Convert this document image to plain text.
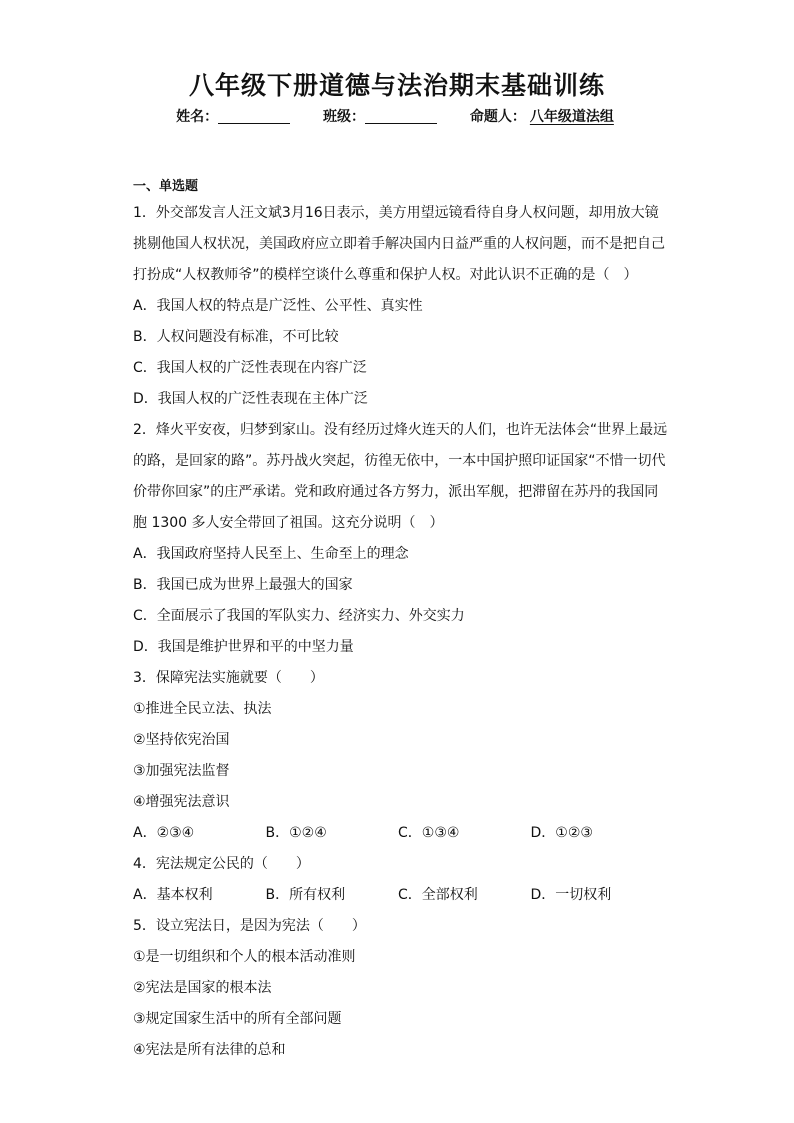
八年级下册道德与法治期末基础训练
姓名：	班级：	命题人： 八年级道法组
一、单选题
1．外交部发言人汪文斌3月16日表示，美方用望远镜看待自身人权问题，却用放大镜
挑剔他国人权状况，美国政府应立即着手解决国内日益严重的人权问题，而不是把自己
打扮成“人权教师爷”的模样空谈什么尊重和保护人权。对此认识不正确的是（　）
A．我国人权的特点是广泛性、公平性、真实性
B．人权问题没有标准，不可比较
C．我国人权的广泛性表现在内容广泛
D．我国人权的广泛性表现在主体广泛
2．烽火平安夜，归梦到家山。没有经历过烽火连天的人们，也许无法体会“世界上最远
的路，是回家的路”。苏丹战火突起，彷徨无依中，一本中国护照印证国家“不惜一切代
价带你回家”的庄严承诺。党和政府通过各方努力，派出军舰，把滞留在苏丹的我国同
胞 1300 多人安全带回了祖国。这充分说明（　）
A．我国政府坚持人民至上、生命至上的理念
B．我国已成为世界上最强大的国家
C．全面展示了我国的军队实力、经济实力、外交实力
D．我国是维护世界和平的中坚力量
3．保障宪法实施就要（　　）
①推进全民立法、执法
②坚持依宪治国
③加强宪法监督
④增强宪法意识
A．②③④	B．①②④	C．①③④	D．①②③
4．宪法规定公民的（　　）
A．基本权利	B．所有权利	C．全部权利	D．一切权利
5．设立宪法日，是因为宪法（　　）
①是一切组织和个人的根本活动准则
②宪法是国家的根本法
③规定国家生活中的所有全部问题
④宪法是所有法律的总和
